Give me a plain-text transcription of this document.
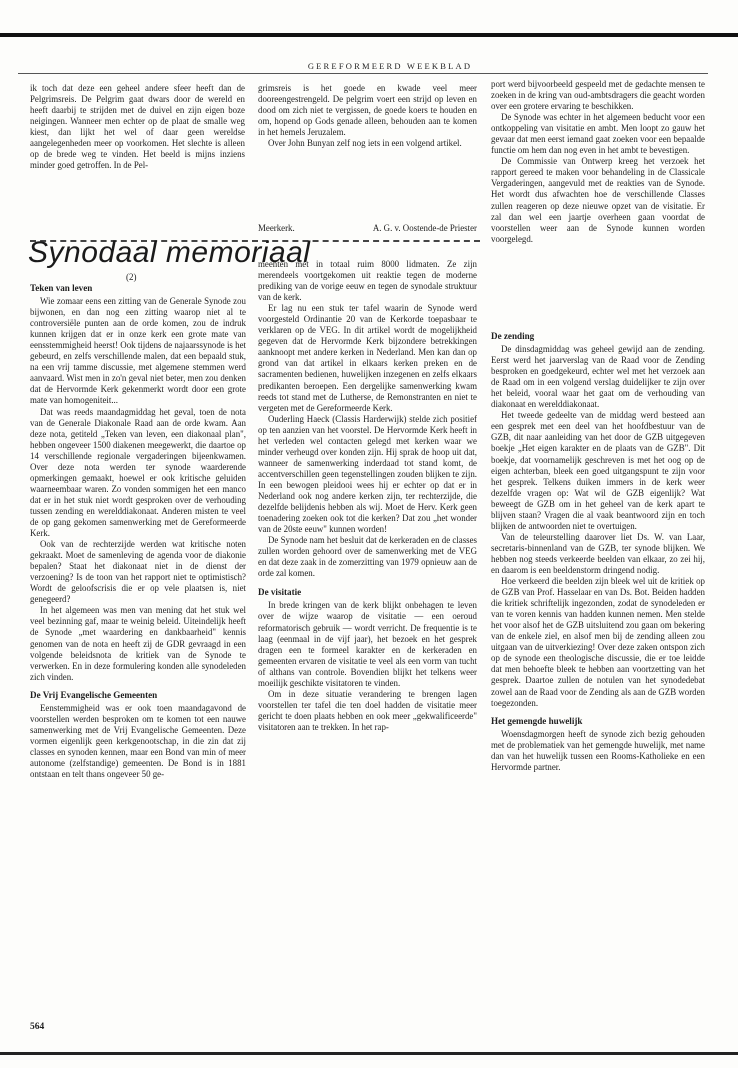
GEREFORMEERD WEEKBLAD

ik toch dat deze een geheel andere sfeer heeft dan de Pelgrimsreis. De Pelgrim gaat dwars door de wereld en heeft daarbij te strijden met de duivel en zijn eigen boze neigingen. Wanneer men echter op de plaat de smalle weg kiest, dan lijkt het wel of daar geen wereldse aangelegenheden meer op voorkomen. Het slechte is alleen op de brede weg te vinden. Het beeld is mijns inziens minder goed getroffen. In de Pel-

grimsreis is het goede en kwade veel meer dooreengestrengeld. De pelgrim voert een strijd op leven en dood om zich niet te vergissen, de goede koers te houden en om, hopend op Gods genade alleen, behouden aan te komen in het hemels Jeruzalem.

Over John Bunyan zelf nog iets in een volgend artikel.

Meerkerk.	A. G. v. Oostende-de Priester

port werd bijvoorbeeld gespeeld met de gedachte mensen te zoeken in de kring van oud-ambtsdragers die geacht worden over een grotere ervaring te beschikken.

De Synode was echter in het algemeen beducht voor een ontkoppeling van visitatie en ambt. Men loopt zo gauw het gevaar dat men eerst iemand gaat zoeken voor een bepaalde functie om hem dan nog even in het ambt te bevestigen.

De Commissie van Ontwerp kreeg het verzoek het rapport gereed te maken voor behandeling in de Classicale Vergaderingen, aangevuld met de reakties van de Synode. Het wordt dus afwachten hoe de verschillende Classes zullen reageren op deze nieuwe opzet van de visitatie. Er zal dan wel een jaartje overheen gaan voordat de voorstellen weer aan de Synode kunnen worden voorgelegd.

Synodaal memoriaal
(2)
Teken van leven

Wie zomaar eens een zitting van de Generale Synode zou bijwonen, en dan nog een zitting waarop niet al te controversiële punten aan de orde komen, zou de indruk kunnen krijgen dat er in onze kerk een grote mate van eensstemmigheid heerst! Ook tijdens de najaarssynode is het gebeurd, en zelfs verschillende malen, dat een bepaald stuk, na een vrij tamme discussie, met algemene stemmen werd aanvaard. Wist men in zo'n geval niet beter, men zou denken dat de Hervormde Kerk gekenmerkt wordt door een grote mate van homogeniteit...

Dat was reeds maandagmiddag het geval, toen de nota van de Generale Diakonale Raad aan de orde kwam. Aan deze nota, getiteld „Teken van leven, een diakonaal plan", hebben ongeveer 1500 diakenen meegewerkt, die daartoe op 14 verschillende regionale vergaderingen bijeenkwamen. Over deze nota werden ter synode waarderende opmerkingen gemaakt, hoewel er ook kritische geluiden waarneembaar waren. Zo vonden sommigen het een manco dat er in het stuk niet wordt gesproken over de verhouding tussen zending en werelddiakonaat. Anderen misten te veel de op gang gekomen samenwerking met de Gereformeerde Kerk.

Ook van de rechterzijde werden wat kritische noten gekraakt. Moet de samenleving de agenda voor de diakonie bepalen? Staat het diakonaat niet in de dienst der verzoening? Is de toon van het rapport niet te optimistisch? Wordt de geloofscrisis die er op vele plaatsen is, niet genegeerd?

In het algemeen was men van mening dat het stuk wel veel bezinning gaf, maar te weinig beleid. Uiteindelijk heeft de Synode „met waardering en dankbaarheid" kennis genomen van de nota en heeft zij de GDR gevraagd in een volgende beleidsnota de kritiek van de Synode te verwerken. En in deze formulering konden alle synodeleden zich vinden.

De Vrij Evangelische Gemeenten

Eenstemmigheid was er ook toen maandagavond de voorstellen werden besproken om te komen tot een nauwe samenwerking met de Vrij Evangelische Gemeenten. Deze vormen eigenlijk geen kerkgenootschap, in die zin dat zij classes en synoden kennen, maar een Bond van min of meer autonome (zelfstandige) gemeenten. De Bond is in 1881 ontstaan en telt thans ongeveer 50 ge-

meenten met in totaal ruim 8000 lidmaten. Ze zijn merendeels voortgekomen uit reaktie tegen de moderne prediking van de vorige eeuw en tegen de synodale struktuur van de kerk.

Er lag nu een stuk ter tafel waarin de Synode werd voorgesteld Ordinantie 20 van de Kerkorde toepasbaar te verklaren op de VEG. In dit artikel wordt de mogelijkheid gegeven dat de Hervormde Kerk bijzondere betrekkingen aanknoopt met andere kerken in Nederland. Men kan dan op grond van dat artikel in elkaars kerken preken en de sacramenten bedienen, huwelijken inzegenen en zelfs elkaars predikanten beroepen. Een dergelijke samenwerking kwam reeds tot stand met de Lutherse, de Remonstranten en niet te vergeten met de Gereformeerde Kerk.

Ouderling Haeck (Classis Harderwijk) stelde zich positief op ten aanzien van het voorstel. De Hervormde Kerk heeft in het verleden wel contacten gelegd met kerken waar we minder verheugd over konden zijn. Hij sprak de hoop uit dat, wanneer de samenwerking inderdaad tot stand komt, de accentverschillen geen tegenstellingen zouden blijken te zijn. In een bewogen pleidooi wees hij er echter op dat er in Nederland ook nog andere kerken zijn, ter rechterzijde, die dezelfde belijdenis hebben als wij. Moet de Herv. Kerk geen toenadering zoeken ook tot die kerken? Dat zou „het wonder van de 20ste eeuw" kunnen worden!

De Synode nam het besluit dat de kerkeraden en de classes zullen worden gehoord over de samenwerking met de VEG en dat deze zaak in de zomerzitting van 1979 opnieuw aan de orde zal komen.

De visitatie

In brede kringen van de kerk blijkt onbehagen te leven over de wijze waarop de visitatie — een oeroud reformatorisch gebruik — wordt verricht. De frequentie is te laag (eenmaal in de vijf jaar), het bezoek en het gesprek dragen een te formeel karakter en de kerkeraden en gemeenten ervaren de visitatie te veel als een vorm van tucht of althans van controle. Bovendien blijkt het telkens weer moeilijk geschikte visitatoren te vinden.

Om in deze situatie verandering te brengen lagen voorstellen ter tafel die ten doel hadden de visitatie meer gericht te doen plaats hebben en ook meer „gekwalificeerde" visitatoren aan te trekken. In het rap-

De zending

De dinsdagmiddag was geheel gewijd aan de zending. Eerst werd het jaarverslag van de Raad voor de Zending besproken en goedgekeurd, echter wel met het verzoek aan de Raad om in een volgend verslag duidelijker te zijn over het beleid, vooral waar het gaat om de verhouding van diakonaat en werelddiakonaat.

Het tweede gedeelte van de middag werd besteed aan een gesprek met een deel van het hoofdbestuur van de GZB, dit naar aanleiding van het door de GZB uitgegeven boekje „Het eigen karakter en de plaats van de GZB". Dit boekje, dat voornamelijk geschreven is met het oog op de eigen achterban, bleek een goed uitgangspunt te zijn voor het gesprek. Telkens duiken immers in de kerk weer dezelfde vragen op: Wat wil de GZB eigenlijk? Wat beweegt de GZB om in het geheel van de kerk apart te blijven staan? Vragen die al vaak beantwoord zijn en toch blijken de antwoorden niet te overtuigen.

Van de teleurstelling daarover liet Ds. W. van Laar, secretaris-binnenland van de GZB, ter synode blijken. We hebben nog steeds verkeerde beelden van elkaar, zo zei hij, en daarom is een beeldenstorm dringend nodig.

Hoe verkeerd die beelden zijn bleek wel uit de kritiek op de GZB van Prof. Hasselaar en van Ds. Bot. Beiden hadden die kritiek schriftelijk ingezonden, zodat de synodeleden er van te voren kennis van hadden kunnen nemen. Men stelde het voor alsof het de GZB uitsluitend zou gaan om bekering van de enkele ziel, en alsof men bij de zending alleen zou uitgaan van de uitverkiezing! Over deze zaken ontspon zich op de synode een theologische discussie, die er toe leidde dat men behoefte bleek te hebben aan voortzetting van het gesprek. Daartoe zullen de notulen van het synodedebat zowel aan de Raad voor de Zending als aan de GZB worden toegezonden.

Het gemengde huwelijk

Woensdagmorgen heeft de synode zich bezig gehouden met de problematiek van het gemengde huwelijk, met name dan van het huwelijk tussen een Rooms-Katholieke en een Hervormde partner.

564
